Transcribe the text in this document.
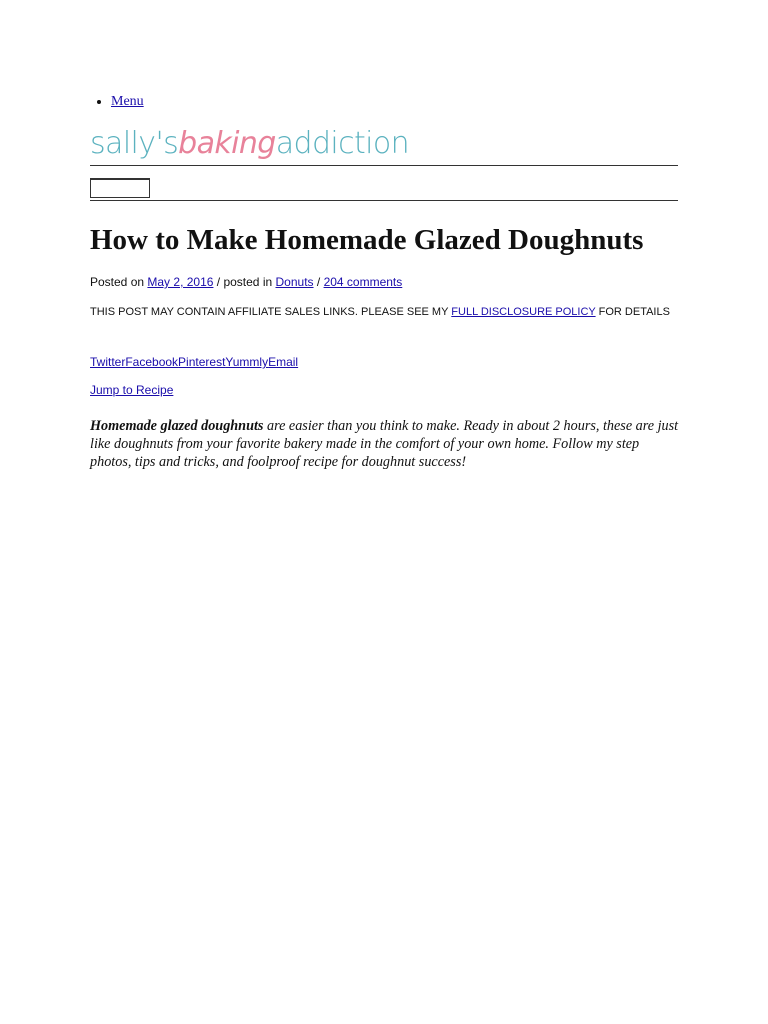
• Menu
sally'sbakingaddiction
How to Make Homemade Glazed Doughnuts
Posted on May 2, 2016 / posted in Donuts / 204 comments
THIS POST MAY CONTAIN AFFILIATE SALES LINKS. PLEASE SEE MY FULL DISCLOSURE POLICY FOR DETAILS
TwitterFacebookPinterestYummlyEmail
Jump to Recipe

Homemade glazed doughnuts are easier than you think to make. Ready in about 2 hours, these are just like doughnuts from your favorite bakery made in the comfort of your own home. Follow my step photos, tips and tricks, and foolproof recipe for doughnut success!
